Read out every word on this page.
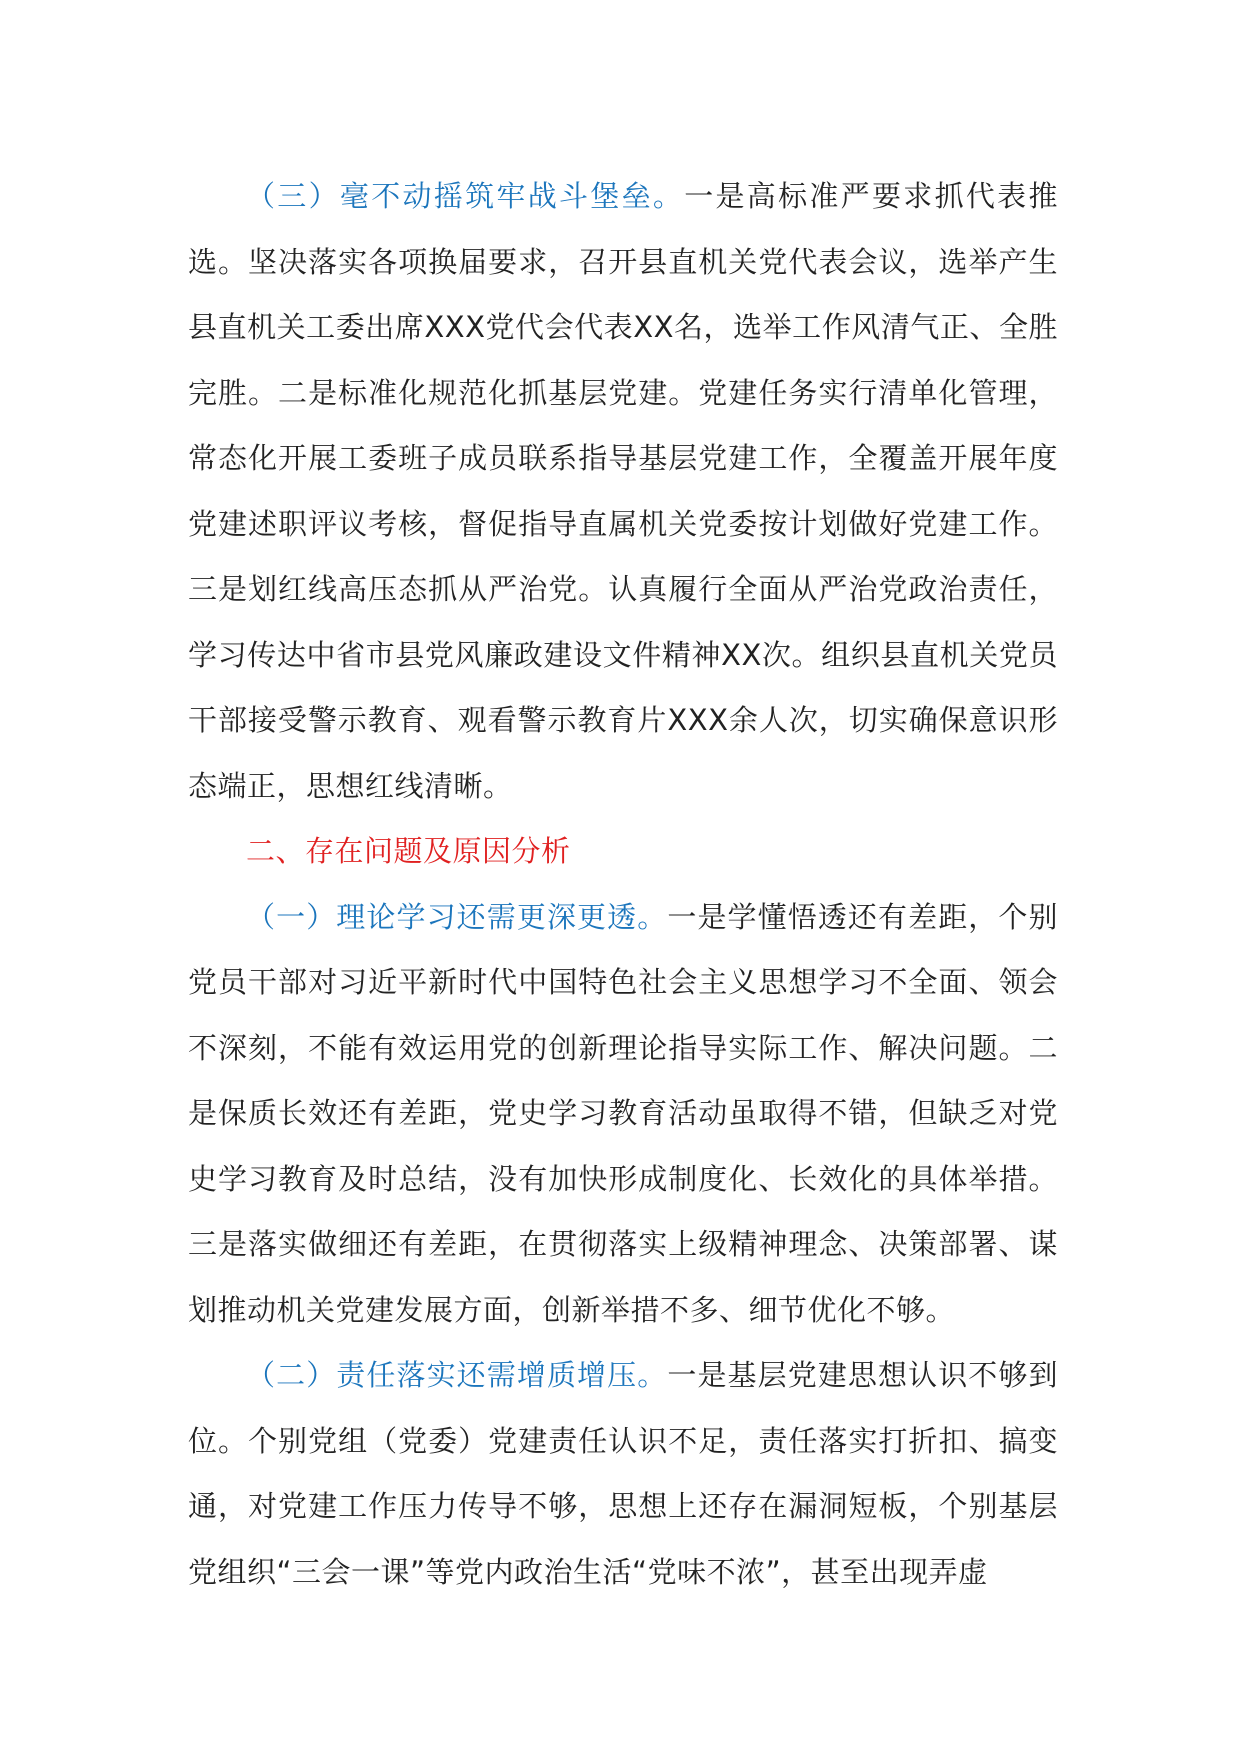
（三）毫不动摇筑牢战斗堡垒。一是高标准严要求抓代表推选。坚决落实各项换届要求，召开县直机关党代表会议，选举产生县直机关工委出席XXX党代会代表XX名，选举工作风清气正、全胜完胜。二是标准化规范化抓基层党建。党建任务实行清单化管理，常态化开展工委班子成员联系指导基层党建工作，全覆盖开展年度党建述职评议考核，督促指导直属机关党委按计划做好党建工作。三是划红线高压态抓从严治党。认真履行全面从严治党政治责任，学习传达中省市县党风廉政建设文件精神XX次。组织县直机关党员干部接受警示教育、观看警示教育片XXX余人次，切实确保意识形态端正，思想红线清晰。

二、存在问题及原因分析

（一）理论学习还需更深更透。一是学懂悟透还有差距，个别党员干部对习近平新时代中国特色社会主义思想学习不全面、领会不深刻，不能有效运用党的创新理论指导实际工作、解决问题。二是保质长效还有差距，党史学习教育活动虽取得不错，但缺乏对党史学习教育及时总结，没有加快形成制度化、长效化的具体举措。三是落实做细还有差距，在贯彻落实上级精神理念、决策部署、谋划推动机关党建发展方面，创新举措不多、细节优化不够。

（二）责任落实还需增质增压。一是基层党建思想认识不够到位。个别党组（党委）党建责任认识不足，责任落实打折扣、搞变通，对党建工作压力传导不够，思想上还存在漏洞短板，个别基层党组织“三会一课”等党内政治生活“党味不浓”，甚至出现弄虚
